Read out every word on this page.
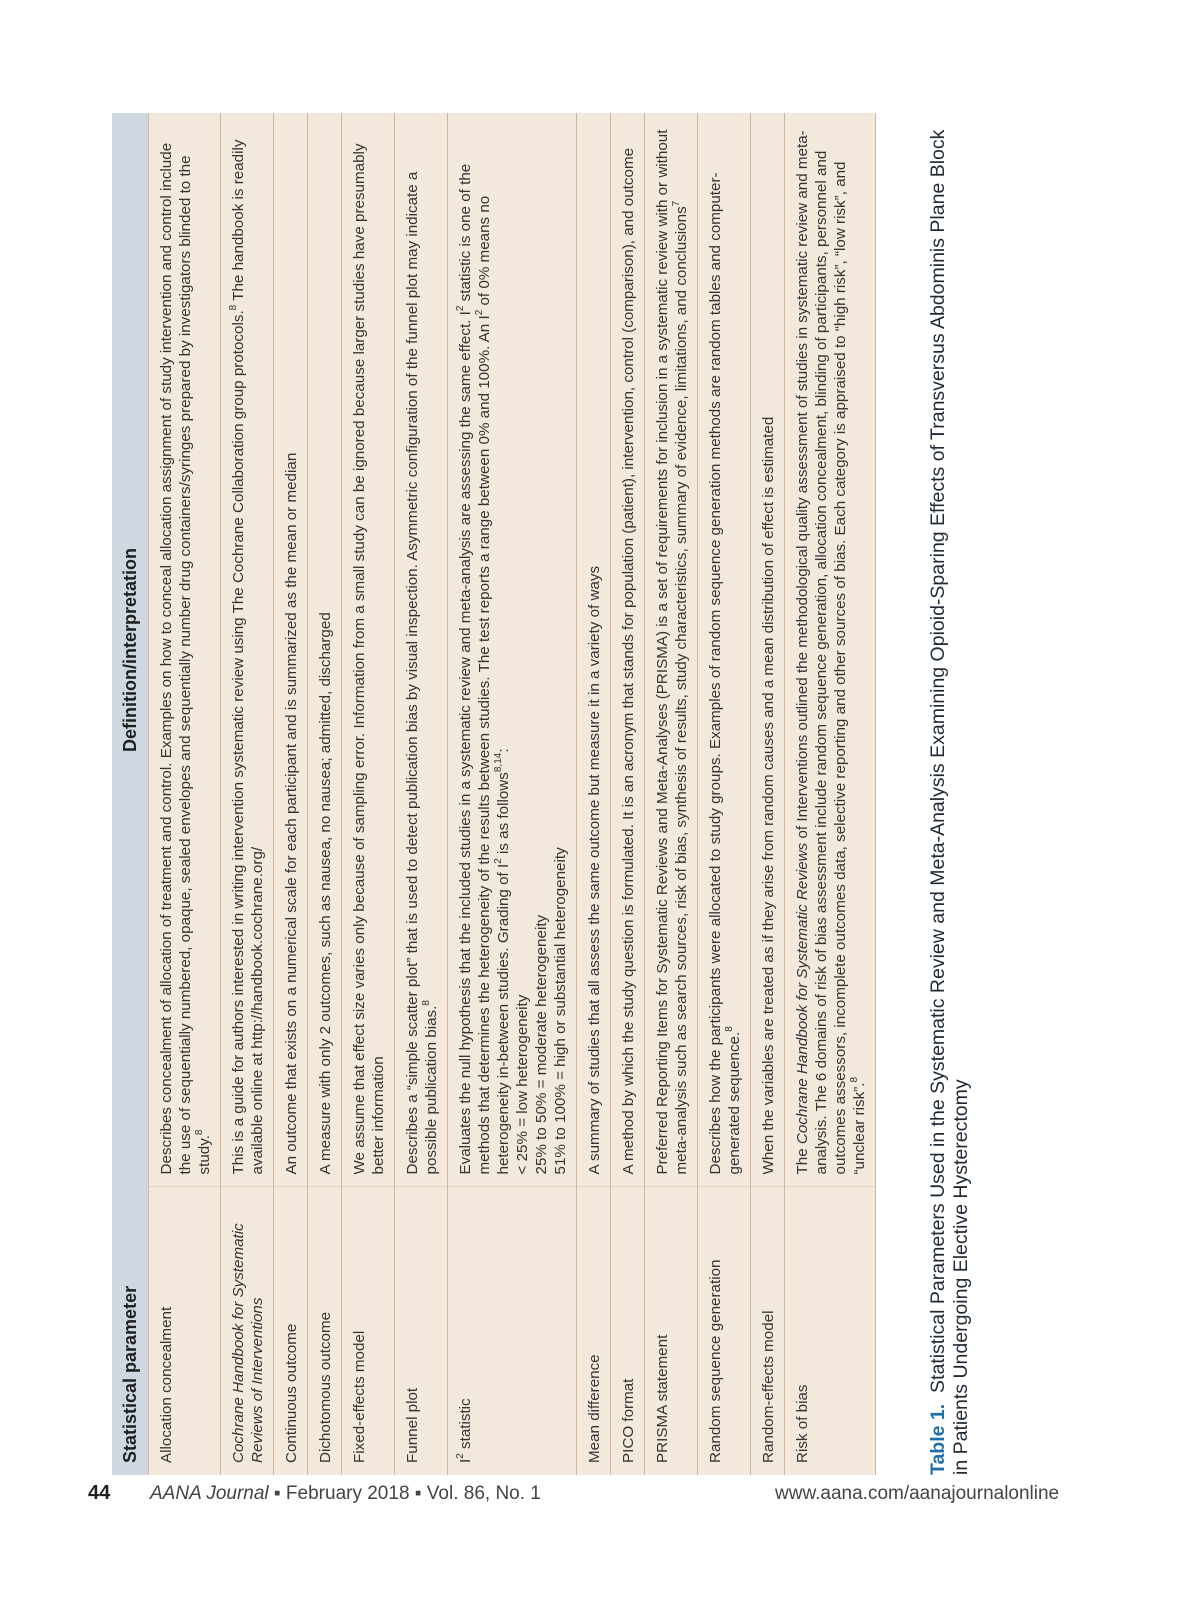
Statistical parameter	Definition/interpretation
Allocation concealment	Describes concealment of allocation of treatment and control. Examples on how to conceal allocation assignment of study intervention and control include the use of sequentially numbered, opaque, sealed envelopes and sequentially number drug containers/syringes prepared by investigators blinded to the study.$^8$
Cochrane Handbook for Systematic Reviews of Interventions	This is a guide for authors interested in writing intervention systematic review using The Cochrane Collaboration group protocols.$^8$ The handbook is readily available online at http://handbook.cochrane.org/
Continuous outcome	An outcome that exists on a numerical scale for each participant and is summarized as the mean or median
Dichotomous outcome	A measure with only 2 outcomes, such as nausea, no nausea; admitted, discharged
Fixed-effects model	We assume that effect size varies only because of sampling error. Information from a small study can be ignored because larger studies have presumably better information
Funnel plot	Describes a “simple scatter plot” that is used to detect publication bias by visual inspection. Asymmetric configuration of the funnel plot may indicate a possible publication bias.$^8$
$I^2$ statistic	Evaluates the null hypothesis that the included studies in a systematic review and meta-analysis are assessing the same effect. $I^2$ statistic is one of the methods that determines the heterogeneity of the results between studies. The test reports a range between 0% and 100%. An $I^2$ of 0% means no heterogeneity in-between studies. Grading of $I^2$ is as follows$^{8,14}$:
< 25% = low heterogeneity 25% to 50% = moderate heterogeneity 51% to 100% = high or substantial heterogeneity
Mean difference	A summary of studies that all assess the same outcome but measure it in a variety of ways
PICO format	A method by which the study question is formulated. It is an acronym that stands for population (patient), intervention, control (comparison), and outcome
PRISMA statement	Preferred Reporting Items for Systematic Reviews and Meta-Analyses (PRISMA) is a set of requirements for inclusion in a systematic review with or without meta-analysis such as search sources, risk of bias, synthesis of results, study characteristics, summary of evidence, limitations, and conclusions$^7$
Random sequence generation	Describes how the participants were allocated to study groups. Examples of random sequence generation methods are random tables and computer-generated sequence.$^8$
Random-effects model	When the variables are treated as if they arise from random causes and a mean distribution of effect is estimated
Risk of bias	The Cochrane Handbook for Systematic Reviews of Interventions outlined the methodological quality assessment of studies in systematic review and meta-analysis. The 6 domains of risk of bias assessment include random sequence generation, allocation concealment, blinding of participants, personnel and outcomes assessors, incomplete outcomes data, selective reporting and other sources of bias. Each category is appraised to “high risk”, “low risk”, and “unclear risk”.$^8$
Table 1.  Statistical Parameters Used in the Systematic Review and Meta-Analysis Examining Opioid-Sparing Effects of Transversus Abdominis Plane Block in Patients Undergoing Elective Hysterectomy
44 AANA Journal ▪ February 2018 ▪ Vol. 86, No. 1	www.aana.com/aanajournalonline
